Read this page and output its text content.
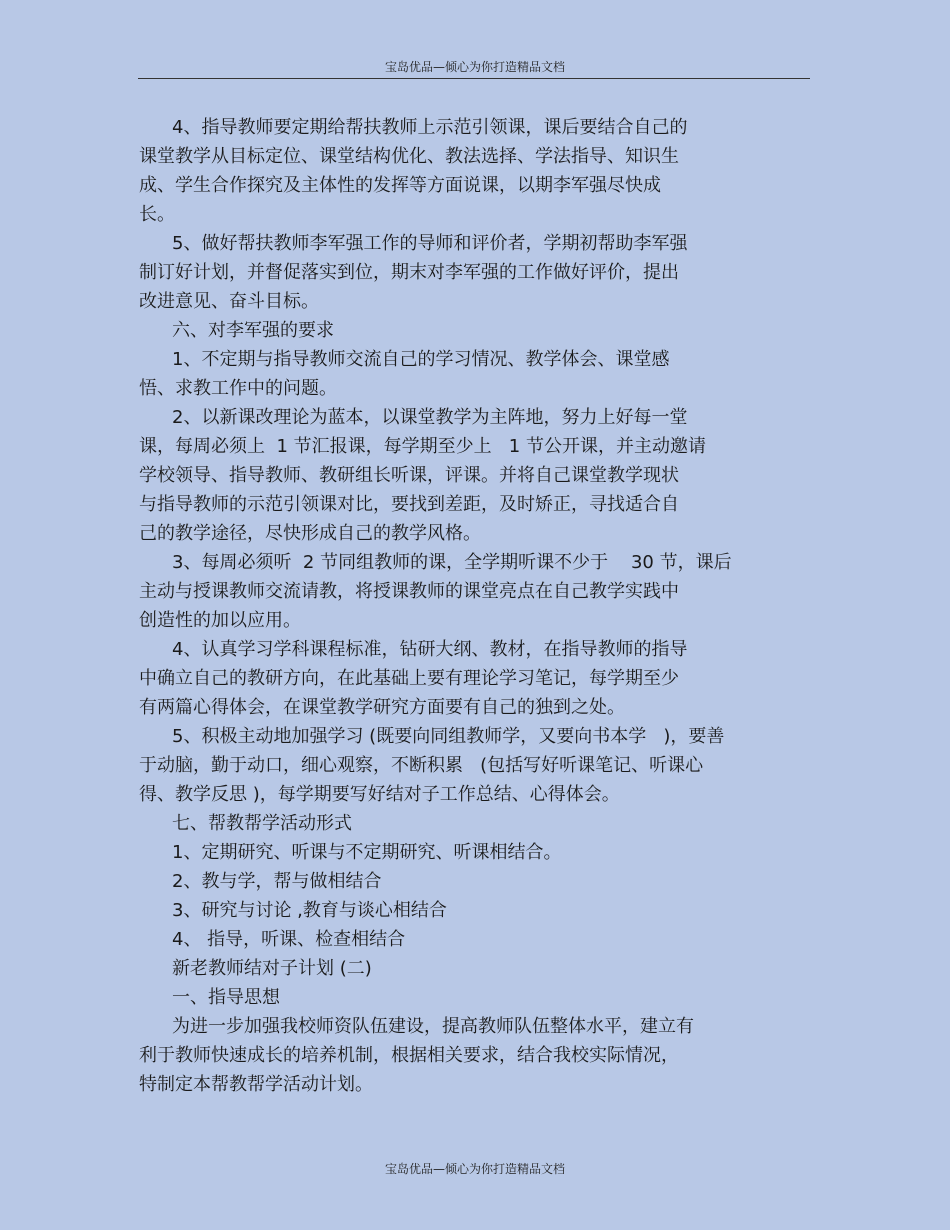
宝岛优品—倾心为你打造精品文档
4、指导教师要定期给帮扶教师上示范引领课，课后要结合自己的
课堂教学从目标定位、课堂结构优化、教法选择、学法指导、知识生
成、学生合作探究及主体性的发挥等方面说课，以期李军强尽快成
长。
5、做好帮扶教师李军强工作的导师和评价者，学期初帮助李军强
制订好计划，并督促落实到位，期末对李军强的工作做好评价，提出
改进意见、奋斗目标。
六、对李军强的要求
1、不定期与指导教师交流自己的学习情况、教学体会、课堂感
悟、求教工作中的问题。
2、以新课改理论为蓝本，以课堂教学为主阵地，努力上好每一堂
课，每周必须上  1 节汇报课，每学期至少上   1 节公开课，并主动邀请
学校领导、指导教师、教研组长听课，评课。并将自己课堂教学现状
与指导教师的示范引领课对比，要找到差距，及时矫正，寻找适合自
己的教学途径，尽快形成自己的教学风格。
3、每周必须听  2 节同组教师的课，全学期听课不少于    30 节，课后
主动与授课教师交流请教，将授课教师的课堂亮点在自己教学实践中
创造性的加以应用。
4、认真学习学科课程标准，钻研大纲、教材，在指导教师的指导
中确立自己的教研方向，在此基础上要有理论学习笔记，每学期至少
有两篇心得体会，在课堂教学研究方面要有自己的独到之处。
5、积极主动地加强学习 (既要向同组教师学，又要向书本学   )，要善
于动脑，勤于动口，细心观察，不断积累   (包括写好听课笔记、听课心
得、教学反思 )，每学期要写好结对子工作总结、心得体会。
七、帮教帮学活动形式
1、定期研究、听课与不定期研究、听课相结合。
2、教与学，帮与做相结合
3、研究与讨论 ,教育与谈心相结合
4、 指导，听课、检查相结合
新老教师结对子计划 (二)
一、指导思想
为进一步加强我校师资队伍建设，提高教师队伍整体水平，建立有
利于教师快速成长的培养机制，根据相关要求，结合我校实际情况，
特制定本帮教帮学活动计划。
宝岛优品—倾心为你打造精品文档
